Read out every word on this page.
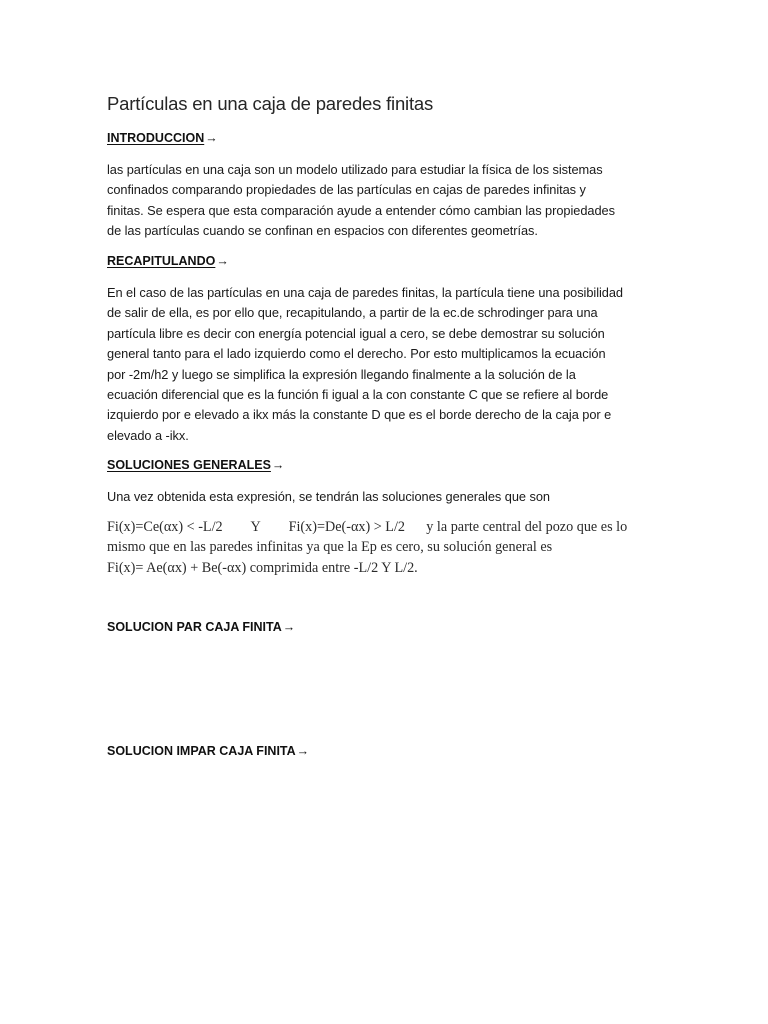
Partículas en una caja de paredes finitas
INTRODUCCION→
las partículas en una caja son un modelo utilizado para estudiar la física de los sistemas
confinados comparando propiedades de las partículas en cajas de paredes infinitas y
finitas. Se espera que esta comparación ayude a entender cómo cambian las propiedades
de las partículas cuando se confinan en espacios con diferentes geometrías.
RECAPITULANDO→
En el caso de las partículas en una caja de paredes finitas, la partícula tiene una posibilidad
de salir de ella, es por ello que, recapitulando, a partir de la ec.de schrodinger para una
partícula libre es decir con energía potencial igual a cero, se debe demostrar su solución
general tanto para el lado izquierdo como el derecho. Por esto multiplicamos la ecuación
por -2m/h2 y luego se simplifica la expresión llegando finalmente a la solución de la
ecuación diferencial que es la función fi igual a la con constante C que se refiere al borde
izquierdo por e elevado a ikx más la constante D que es el borde derecho de la caja por e
elevado a -ikx.
SOLUCIONES GENERALES→
Una vez obtenida esta expresión, se tendrán las soluciones generales que son
Fi(x)=Ce(αx) < -L/2        Y        Fi(x)=De(-αx) > L/2      y la parte central del pozo que es lo
mismo que en las paredes infinitas ya que la Ep es cero, su solución general es
Fi(x)= Ae(αx) + Be(-αx) comprimida entre -L/2 Y L/2.
SOLUCION PAR CAJA FINITA→
SOLUCION IMPAR CAJA FINITA→
